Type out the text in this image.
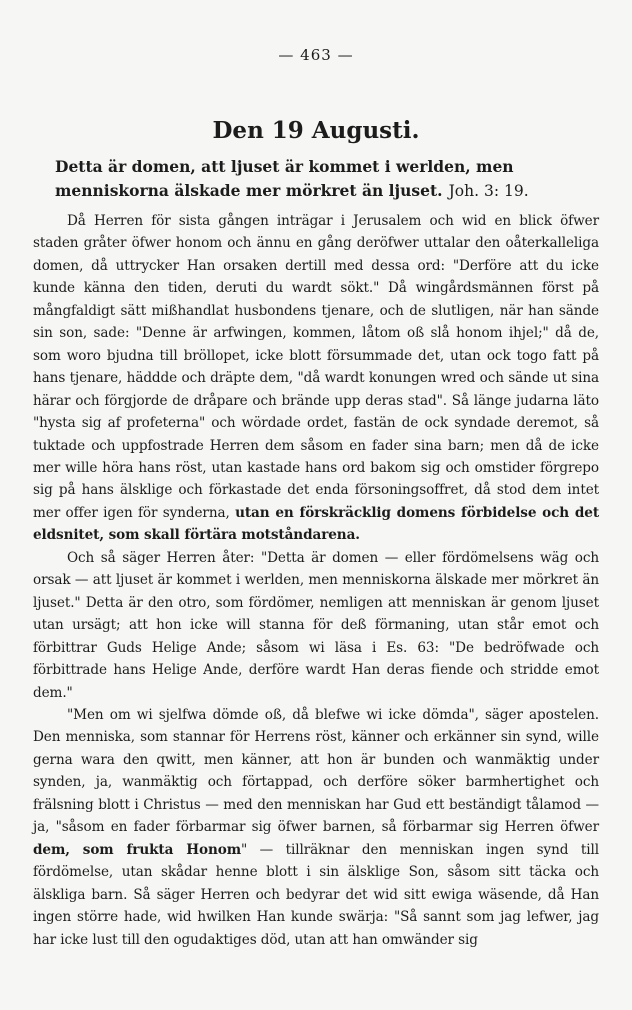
— 463 —
Den 19 Augusti.
Detta är domen, att ljuset är kommet i werlden, men menniskorna älskade mer mörkret än ljuset. Joh. 3: 19.

Då Herren för sista gången inträgar i Jerusalem och wid en blick öfwer staden gråter öfwer honom och ännu en gång deröfwer uttalar den oåterkalleliga domen, då uttrycker Han orsaken dertill med dessa ord: "Derföre att du icke kunde känna den tiden, deruti du wardt sökt." Då wingårdsmännen först på mångfaldigt sätt mißhandlat husbondens tjenare, och de slutligen, när han sände sin son, sade: "Denne är arfwingen, kommen, låtom oß slå honom ihjel;" då de, som woro bjudna till bröllopet, icke blott försummade det, utan ock togo fatt på hans tjenare, häddde och dräpte dem, "då wardt konungen wred och sände ut sina härar och förgjorde de dråpare och brände upp deras stad". Så länge judarna läto "hysta sig af profeterna" och wördade ordet, fastän de ock syndade deremot, så tuktade och uppfostrade Herren dem såsom en fader sina barn; men då de icke mer wille höra hans röst, utan kastade hans ord bakom sig och omstider förgrepo sig på hans älsklige och förkastade det enda försoningsoffret, då stod dem intet mer offer igen för synderna, utan en förskräcklig domens förbidelse och det eldsnitet, som skall förtära motståndarena.

Och så säger Herren åter: "Detta är domen — eller fördömelsens wäg och orsak — att ljuset är kommet i werlden, men menniskorna älskade mer mörkret än ljuset." Detta är den otro, som fördömer, nemligen att menniskan är genom ljuset utan ursägt; att hon icke will stanna för deß förmaning, utan står emot och förbittrar Guds Helige Ande; såsom wi läsa i Es. 63: "De bedröfwade och förbittrade hans Helige Ande, derföre wardt Han deras fiende och stridde emot dem."

"Men om wi sjelfwa dömde oß, då blefwe wi icke dömda", säger apostelen. Den menniska, som stannar för Herrens röst, känner och erkänner sin synd, wille gerna wara den qwitt, men känner, att hon är bunden och wanmäktig under synden, ja, wanmäktig och förtappad, och derföre söker barmhertighet och frälsning blott i Christus — med den menniskan har Gud ett beständigt tålamod — ja, "såsom en fader förbarmar sig öfwer barnen, så förbarmar sig Herren öfwer dem, som frukta Honom" — tillräknar den menniskan ingen synd till fördömelse, utan skådar henne blott i sin älsklige Son, såsom sitt täcka och älskliga barn. Så säger Herren och bedyrar det wid sitt ewiga wäsende, då Han ingen större hade, wid hwilken Han kunde swärja: "Så sannt som jag lefwer, jag har icke lust till den ogudaktiges död, utan att han omwänder sig
